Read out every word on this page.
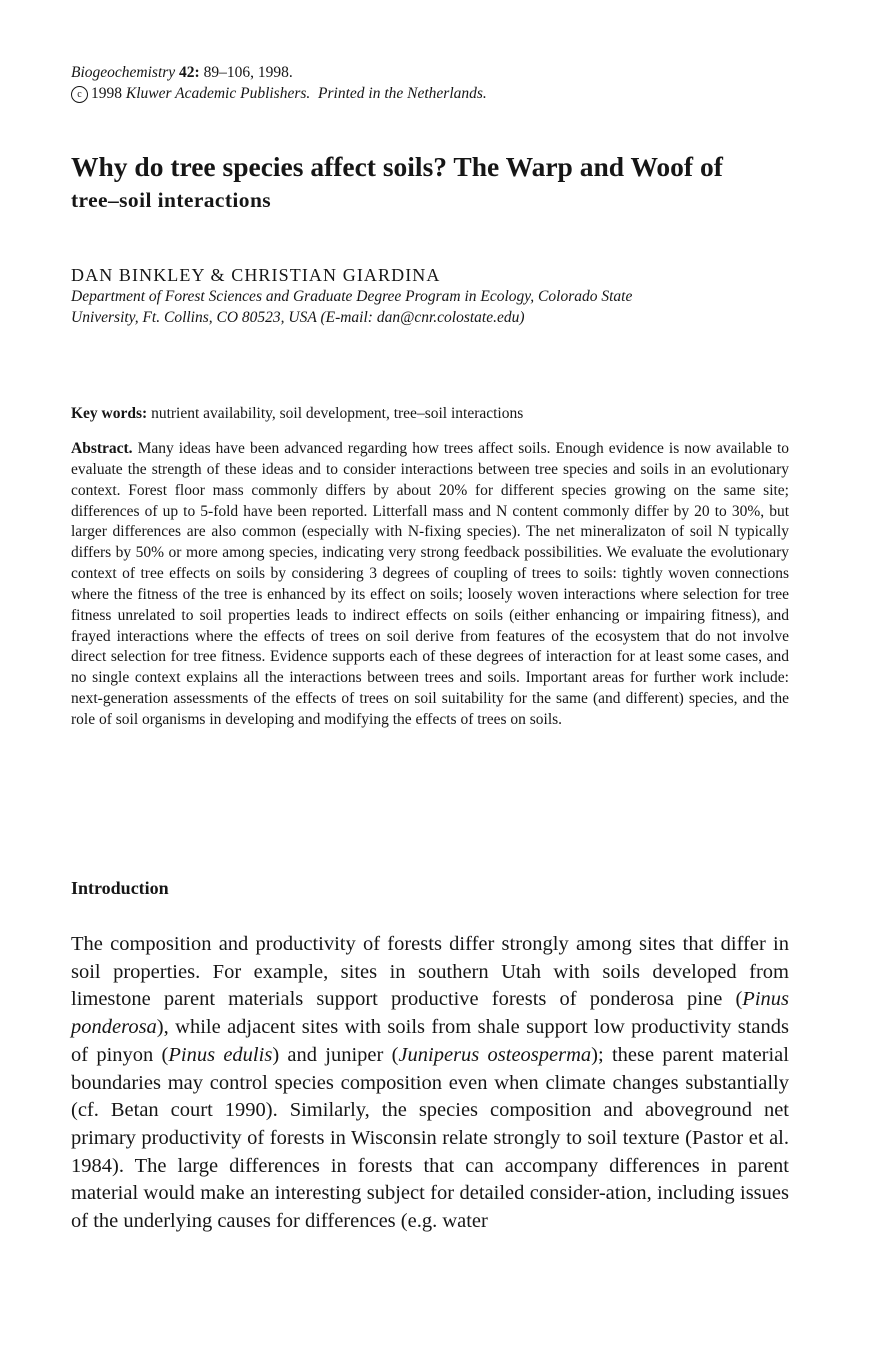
Biogeochemistry 42: 89–106, 1998.
c 1998 Kluwer Academic Publishers. Printed in the Netherlands.
Why do tree species affect soils? The Warp and Woof of
tree–soil interactions
DAN BINKLEY & CHRISTIAN GIARDINA
Department of Forest Sciences and Graduate Degree Program in Ecology, Colorado State
University, Ft. Collins, CO 80523, USA (E-mail: dan@cnr.colostate.edu)
Key words: nutrient availability, soil development, tree–soil interactions
Abstract. Many ideas have been advanced regarding how trees affect soils. Enough evidence is now available to evaluate the strength of these ideas and to consider interactions between tree species and soils in an evolutionary context. Forest floor mass commonly differs by about 20% for different species growing on the same site; differences of up to 5-fold have been reported. Litterfall mass and N content commonly differ by 20 to 30%, but larger differences are also common (especially with N-fixing species). The net mineralizaton of soil N typically differs by 50% or more among species, indicating very strong feedback possibilities. We evaluate the evolutionary context of tree effects on soils by considering 3 degrees of coupling of trees to soils: tightly woven connections where the fitness of the tree is enhanced by its effect on soils; loosely woven interactions where selection for tree fitness unrelated to soil properties leads to indirect effects on soils (either enhancing or impairing fitness), and frayed interactions where the effects of trees on soil derive from features of the ecosystem that do not involve direct selection for tree fitness. Evidence supports each of these degrees of interaction for at least some cases, and no single context explains all the interactions between trees and soils. Important areas for further work include: next-generation assessments of the effects of trees on soil suitability for the same (and different) species, and the role of soil organisms in developing and modifying the effects of trees on soils.
Introduction
The composition and productivity of forests differ strongly among sites that differ in soil properties. For example, sites in southern Utah with soils developed from limestone parent materials support productive forests of ponderosa pine (Pinus ponderosa), while adjacent sites with soils from shale support low productivity stands of pinyon (Pinus edulis) and juniper (Juniperus osteosperma); these parent material boundaries may control species composition even when climate changes substantially (cf. Betan court 1990). Similarly, the species composition and aboveground net primary productivity of forests in Wisconsin relate strongly to soil texture (Pastor et al. 1984). The large differences in forests that can accompany differences in parent material would make an interesting subject for detailed consider-ation, including issues of the underlying causes for differences (e.g. water
